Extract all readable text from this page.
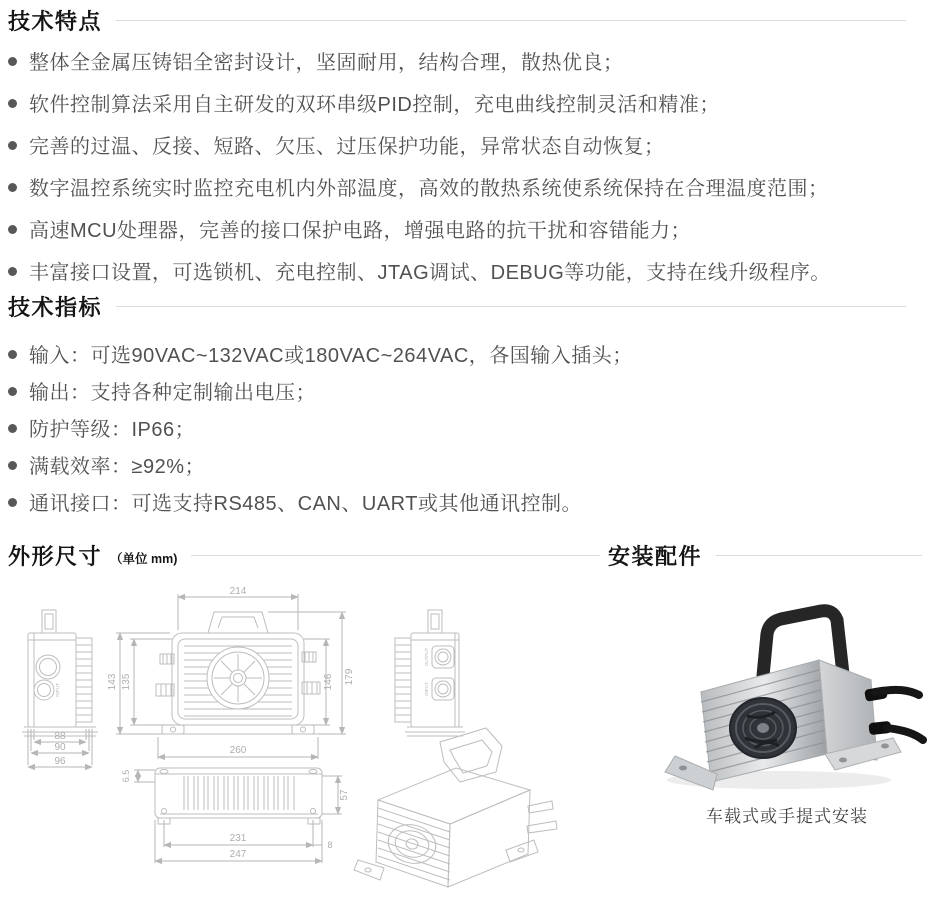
技术特点
整体全金属压铸铝全密封设计，坚固耐用，结构合理，散热优良；
软件控制算法采用自主研发的双环串级PID控制，充电曲线控制灵活和精准；
完善的过温、反接、短路、欠压、过压保护功能，异常状态自动恢复；
数字温控系统实时监控充电机内外部温度，高效的散热系统使系统保持在合理温度范围；
高速MCU处理器，完善的接口保护电路，增强电路的抗干扰和容错能力；
丰富接口设置，可选锁机、充电控制、JTAG调试、DEBUG等功能，支持在线升级程序。
技术指标
输入：可选90VAC~132VAC或180VAC~264VAC，各国输入插头；
输出：支持各种定制输出电压；
防护等级：IP66；
满载效率：≥92%；
通讯接口：可选支持RS485、CAN、UART或其他通讯控制。
外形尺寸 （单位 mm)	安装配件
88
90
96
INPUT
214
260
143 135	146 179
OUTPUT
INPUT
6.5
57
231
247
8
车载式或手提式安装
